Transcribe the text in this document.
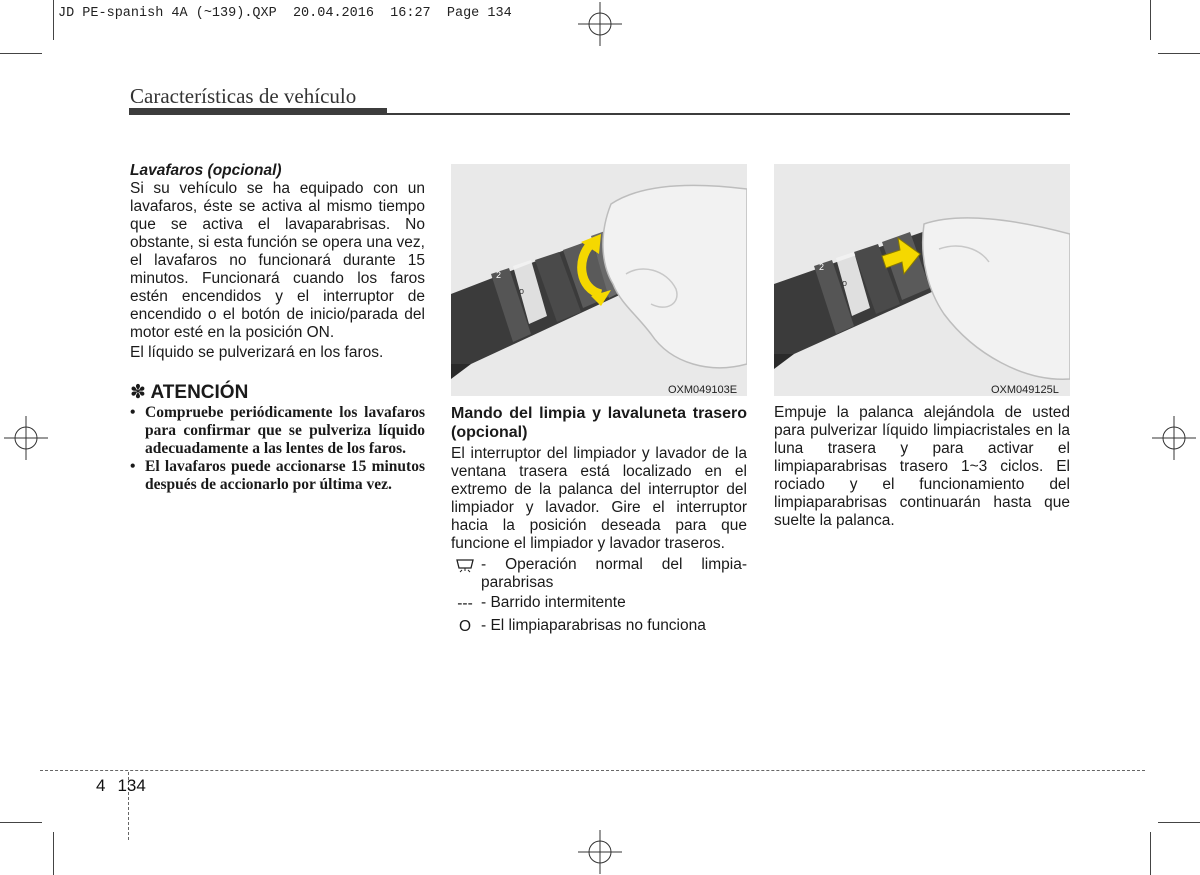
JD PE-spanish 4A (~139).QXP  20.04.2016  16:27  Page 134
Características de vehículo

Lavafaros (opcional)

Si su vehículo se ha equipado con un lavafaros, éste se activa al mismo tiempo que se activa el lavaparabrisas. No obstante, si esta función se opera una vez, el lavafaros no funcionará durante 15 minutos. Funcionará cuando los faros estén encendidos y el interruptor de encendido o el botón de inicio/parada del motor esté en la posición ON.

El líquido se pulverizará en los faros.

✽ ATENCIÓN
• Compruebe periódicamente los lavafaros para confirmar que se pulveriza líquido adecuadamente a las lentes de los faros.
• El lavafaros puede accionarse 15 minutos después de accionarlo por última vez.
2
o
OXM049103E
2
o
OXM049125L

Mando del limpia y lavaluneta trasero (opcional)

El interruptor del limpiador y lavador de la ventana trasera está localizado en el extremo de la palanca del interruptor del limpiador y lavador. Gire el interruptor hacia la posición deseada para que funcione el limpiador y lavador traseros.

- Operación normal del limpia-parabrisas
--- - Barrido intermitente
O - El limpiaparabrisas no funciona

Empuje la palanca alejándola de usted para pulverizar líquido limpiacristales en la luna trasera y para activar el limpiaparabrisas trasero 1~3 ciclos. El rociado y el funcionamiento del limpiaparabrisas continuarán hasta que suelte la palanca.

4 134
